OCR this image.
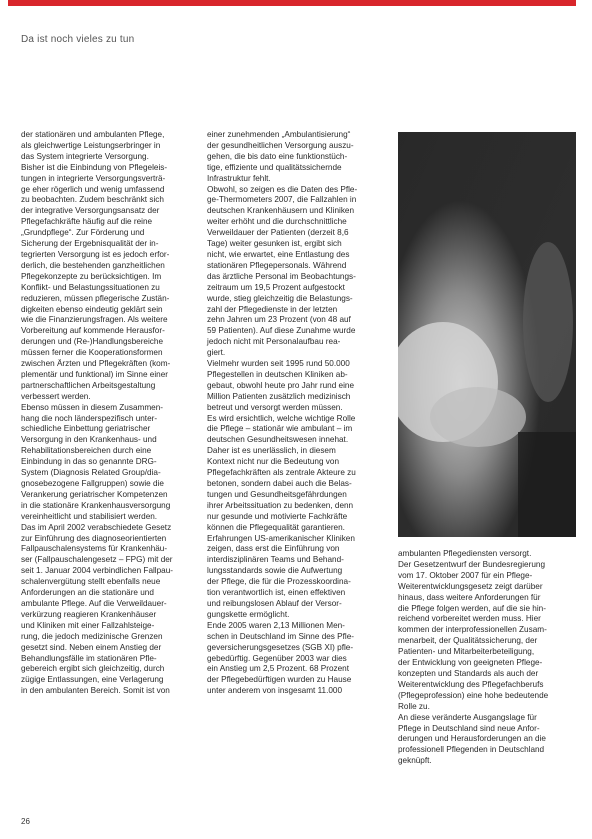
Da ist noch vieles zu tun
der stationären und ambulanten Pflege,
als gleichwertige Leistungserbringer in
das System integrierte Versorgung.
Bisher ist die Einbindung von Pflegeleis-
tungen in integrierte Versorgungsverträ-
ge eher rögerlich und wenig umfassend
zu beobachten. Zudem beschränkt sich
der integrative Versorgungsansatz der
Pflegefachkräfte häufig auf die reine
„Grundpflege“. Zur Förderung und
Sicherung der Ergebnisqualität der in-
tegrierten Versorgung ist es jedoch erfor-
derlich, die bestehenden ganzheitlichen
Pflegekonzepte zu berücksichtigen. Im
Konflikt- und Belastungssituationen zu
reduzieren, müssen pflegerische Zustän-
digkeiten ebenso eindeutig geklärt sein
wie die Finanzierungsfragen. Als weitere
Vorbereitung auf kommende Herausfor-
derungen und (Re-)Handlungsbereiche
müssen ferner die Kooperationsformen
zwischen Ärzten und Pflegekräften (kom-
plementär und funktional) im Sinne einer
partnerschaftlichen Arbeitsgestaltung
verbessert werden.
Ebenso müssen in diesem Zusammen-
hang die noch länderspezifisch unter-
schiedliche Einbettung geriatrischer
Versorgung in den Krankenhaus- und
Rehabilitationsbereichen durch eine
Einbindung in das so genannte DRG-
System (Diagnosis Related Group/dia-
gnosebezogene Fallgruppen) sowie die
Verankerung geriatrischer Kompetenzen
in die stationäre Krankenhausversorgung
vereinheitlicht und stabilisiert werden.
Das im April 2002 verabschiedete Gesetz
zur Einführung des diagnoseorientierten
Fallpauschalensystems für Krankenhäu-
ser (Fallpauschalengesetz – FPG) mit der
seit 1. Januar 2004 verbindlichen Fallpau-
schalenvergütung stellt ebenfalls neue
Anforderungen an die stationäre und
ambulante Pflege. Auf die Verweildauer-
verkürzung reagieren Krankenhäuser
und Kliniken mit einer Fallzahlsteige-
rung, die jedoch medizinische Grenzen
gesetzt sind. Neben einem Anstieg der
Behandlungsfälle im stationären Pfle-
gebereich ergibt sich gleichzeitig, durch
zügige Entlassungen, eine Verlagerung
in den ambulanten Bereich. Somit ist von
einer zunehmenden „Ambulantisierung“
der gesundheitlichen Versorgung auszu-
gehen, die bis dato eine funktionstüch-
tige, effiziente und qualitätssichernde
Infrastruktur fehlt.
Obwohl, so zeigen es die Daten des Pfle-
ge-Thermometers 2007, die Fallzahlen in
deutschen Krankenhäusern und Kliniken
weiter erhöht und die durchschnittliche
Verweildauer der Patienten (derzeit 8,6
Tage) weiter gesunken ist, ergibt sich
nicht, wie erwartet, eine Entlastung des
stationären Pflegepersonals. Während
das ärztliche Personal im Beobachtungs-
zeitraum um 19,5 Prozent aufgestockt
wurde, stieg gleichzeitig die Belastungs-
zahl der Pflegedienste in der letzten
zehn Jahren um 23 Prozent (von 48 auf
59 Patienten). Auf diese Zunahme wurde
jedoch nicht mit Personalaufbau rea-
giert.
Vielmehr wurden seit 1995 rund 50.000
Pflegestellen in deutschen Kliniken ab-
gebaut, obwohl heute pro Jahr rund eine
Million Patienten zusätzlich medizinisch
betreut und versorgt werden müssen.
Es wird ersichtlich, welche wichtige Rolle
die Pflege – stationär wie ambulant – im
deutschen Gesundheitswesen innehat.
Daher ist es unerlässlich, in diesem
Kontext nicht nur die Bedeutung von
Pflegefachkräften als zentrale Akteure zu
betonen, sondern dabei auch die Belas-
tungen und Gesundheitsgefährdungen
ihrer Arbeitssituation zu bedenken, denn
nur gesunde und motivierte Fachkräfte
können die Pflegequalität garantieren.
Erfahrungen US-amerikanischer Kliniken
zeigen, dass erst die Einführung von
interdisziplinären Teams und Behand-
lungsstandards sowie die Aufwertung
der Pflege, die für die Prozesskoordina-
tion verantwortlich ist, einen effektiven
und reibungslosen Ablauf der Versor-
gungskette ermöglicht.
Ende 2005 waren 2,13 Millionen Men-
schen in Deutschland im Sinne des Pfle-
geversicherungsgesetzes (SGB XI) pfle-
gebedürftig. Gegenüber 2003 war dies
ein Anstieg um 2,5 Prozent. 68 Prozent
der Pflegebedürftigen wurden zu Hause
unter anderem von insgesamt 11.000
ambulanten Pflegediensten versorgt.
Der Gesetzentwurf der Bundesregierung
vom 17. Oktober 2007 für ein Pflege-
Weiterentwicklungsgesetz zeigt darüber
hinaus, dass weitere Anforderungen für
die Pflege folgen werden, auf die sie hin-
reichend vorbereitet werden muss. Hier
kommen der interprofessionellen Zusam-
menarbeit, der Qualitätssicherung, der
Patienten- und Mitarbeiterbeteiligung,
der Entwicklung von geeigneten Pflege-
konzepten und Standards als auch der
Weiterentwicklung des Pflegefachberufs
(Pflegeprofession) eine hohe bedeutende
Rolle zu.
An diese veränderte Ausgangslage für
Pflege in Deutschland sind neue Anfor-
derungen und Herausforderungen an die
professionell Pflegenden in Deutschland
geknüpft.
26
